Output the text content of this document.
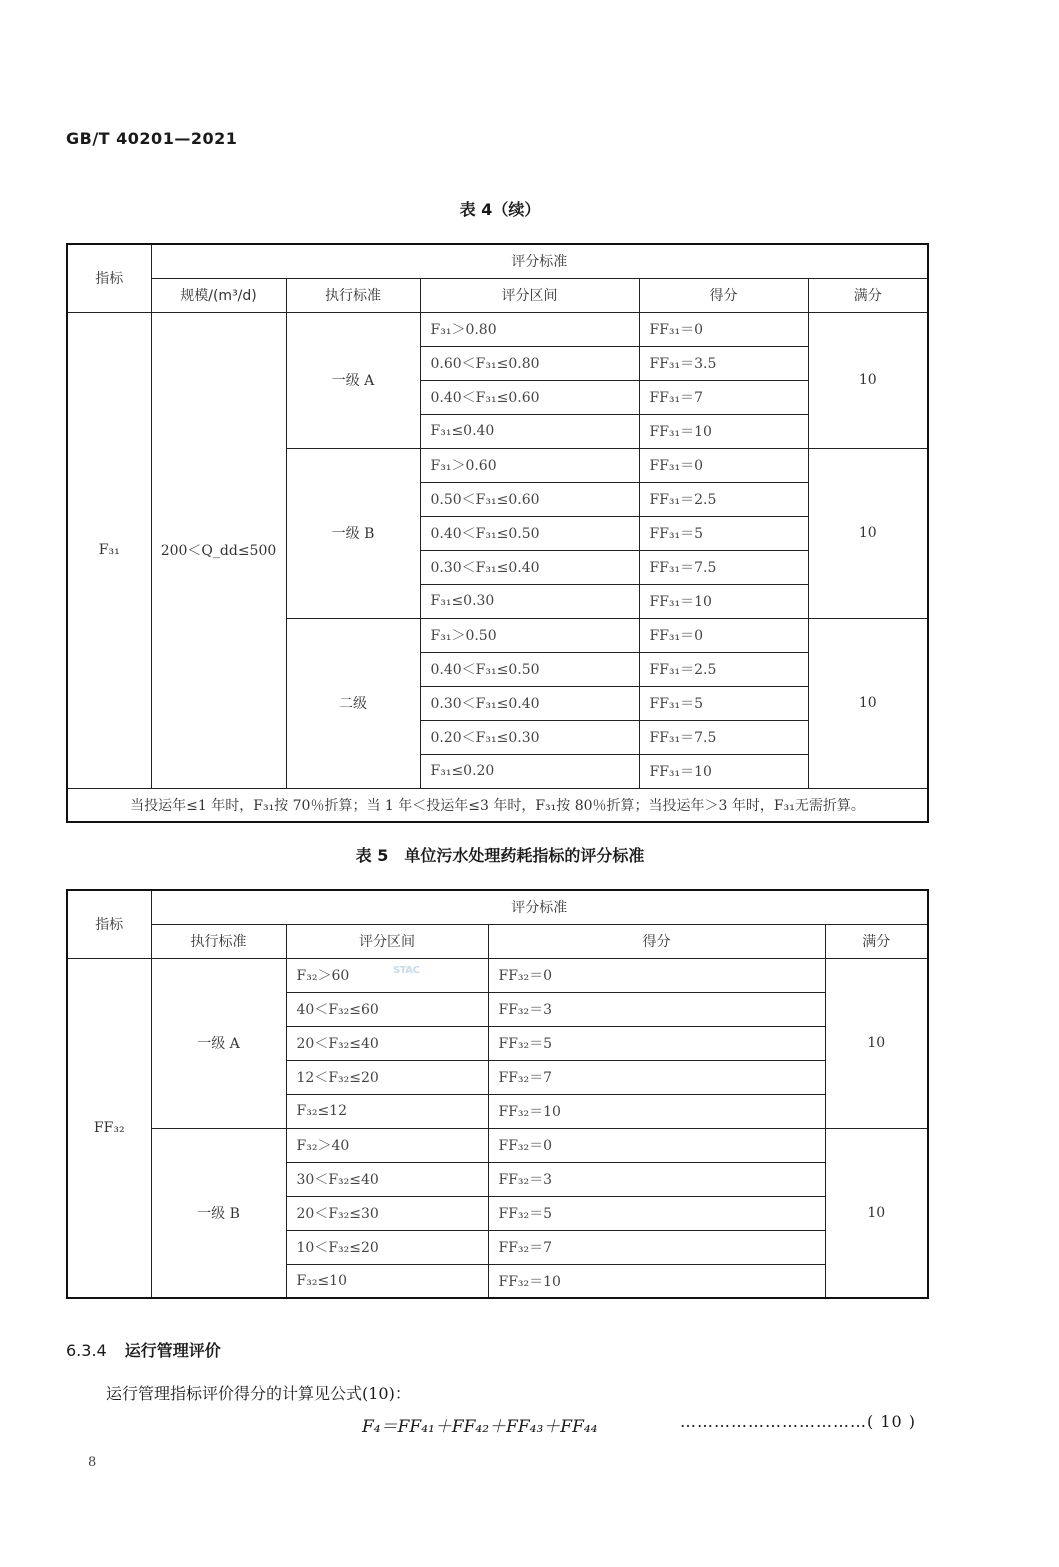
GB/T 40201—2021
表 4（续）
指标	评分标准				
	规模/(m³/d)	执行标准	评分区间	得分	满分
F₃₁	200＜Q_dd≤500	一级 A	F₃₁＞0.80	FF₃₁＝0	10
			0.60＜F₃₁≤0.80	FF₃₁＝3.5	
			0.40＜F₃₁≤0.60	FF₃₁＝7	
			F₃₁≤0.40	FF₃₁＝10	
		一级 B	F₃₁＞0.60	FF₃₁＝0	10
			0.50＜F₃₁≤0.60	FF₃₁＝2.5	
			0.40＜F₃₁≤0.50	FF₃₁＝5	
			0.30＜F₃₁≤0.40	FF₃₁＝7.5	
			F₃₁≤0.30	FF₃₁＝10	
		二级	F₃₁＞0.50	FF₃₁＝0	10
			0.40＜F₃₁≤0.50	FF₃₁＝2.5	
			0.30＜F₃₁≤0.40	FF₃₁＝5	
			0.20＜F₃₁≤0.30	FF₃₁＝7.5	
			F₃₁≤0.20	FF₃₁＝10	
当投运年≤1 年时，F₃₁按 70％折算；当 1 年＜投运年≤3 年时，F₃₁按 80％折算；当投运年＞3 年时，F₃₁无需折算。					
表 5　单位污水处理药耗指标的评分标准
指标	评分标准			
	执行标准	评分区间	得分	满分
FF₃₂	一级 A	F₃₂＞60	FF₃₂＝0	10
		40＜F₃₂≤60	FF₃₂＝3	
		20＜F₃₂≤40	FF₃₂＝5	
		12＜F₃₂≤20	FF₃₂＝7	
		F₃₂≤12	FF₃₂＝10	
	一级 B	F₃₂＞40	FF₃₂＝0	10
		30＜F₃₂≤40	FF₃₂＝3	
		20＜F₃₂≤30	FF₃₂＝5	
		10＜F₃₂≤20	FF₃₂＝7	
		F₃₂≤10	FF₃₂＝10	
STAC
6.3.4 运行管理评价
运行管理指标评价得分的计算见公式(10)：
F₄＝FF₄₁＋FF₄₂＋FF₄₃＋FF₄₄	……………………………( 10 )
8
